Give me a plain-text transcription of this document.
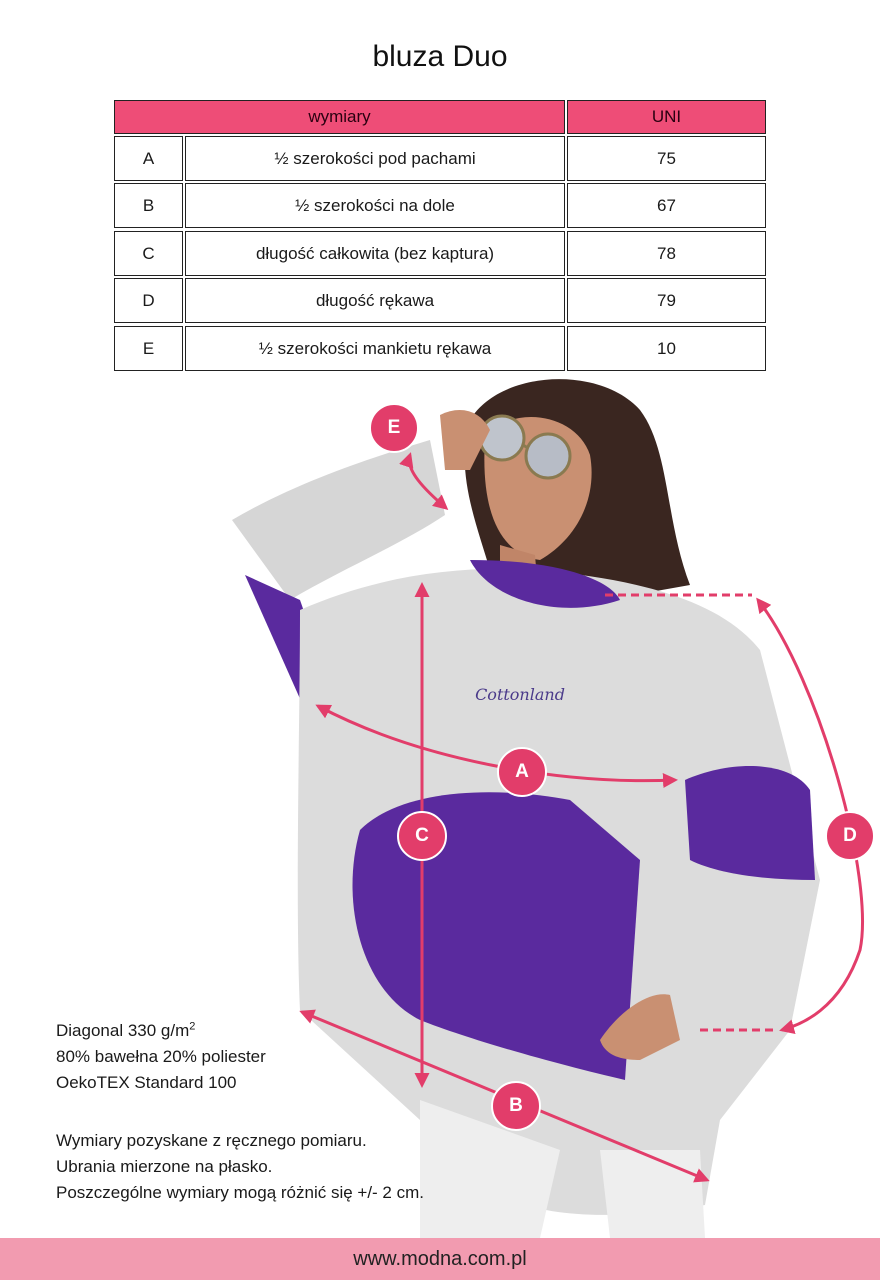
bluza Duo
wymiary	UNI
A	½ szerokości pod pachami	75
B	½ szerokości na dole	67
C	długość całkowita (bez kaptura)	78
D	długość rękawa	79
E	½ szerokości mankietu rękawa	10
Cottonland
E
A
C	D
B
Diagonal 330 $g/m^2$
80% bawełna 20% poliester
OekoTEX Standard 100
Wymiary pozyskane z ręcznego pomiaru.
Ubrania mierzone na płasko.
Poszczególne wymiary mogą różnić się +/- 2 cm.
www.modna.com.pl
